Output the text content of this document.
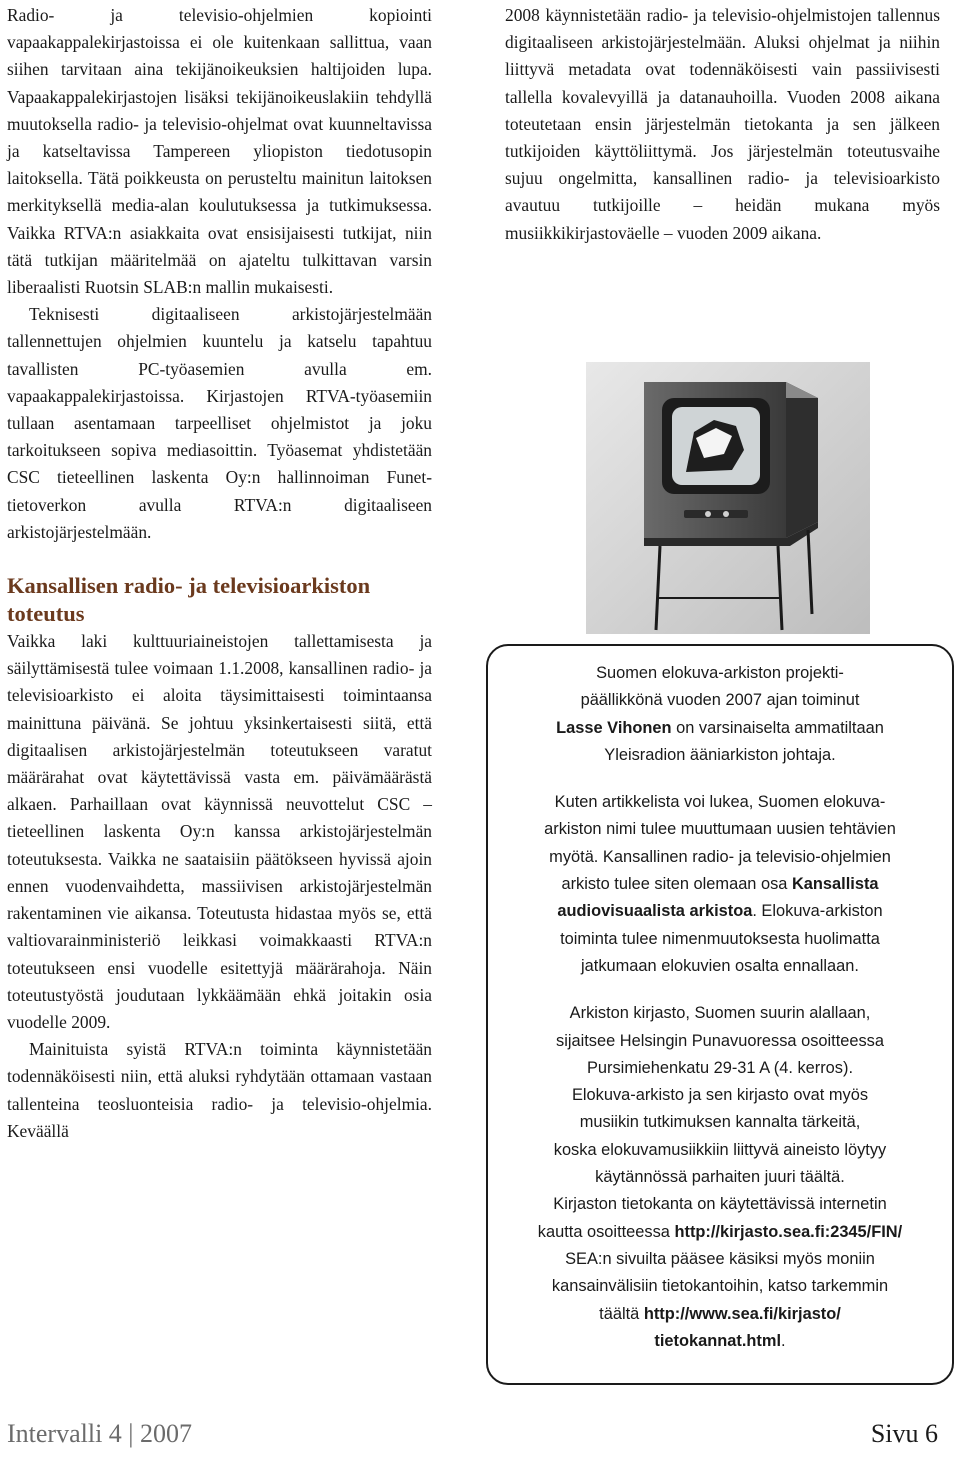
Radio- ja televisio-ohjelmien kopiointi vapaakappalekirjastoissa ei ole kuitenkaan sallittua, vaan siihen tarvitaan aina tekijänoikeuksien haltijoiden lupa. Vapaakappalekirjastojen lisäksi tekijänoikeuslakiin tehdyllä muutoksella radio- ja televisio-ohjelmat ovat kuunneltavissa ja katseltavissa Tampereen yliopiston tiedotusopin laitoksella. Tätä poikkeusta on perusteltu mainitun laitoksen merkityksellä media-alan koulutuksessa ja tutkimuksessa. Vaikka RTVA:n asiakkaita ovat ensisijaisesti tutkijat, niin tätä tutkijan määritelmää on ajateltu tulkittavan varsin liberaalisti Ruotsin SLAB:n mallin mukaisesti.

Teknisesti digitaaliseen arkistojärjestelmään tallennettujen ohjelmien kuuntelu ja katselu tapahtuu tavallisten PC-työasemien avulla em. vapaakappalekirjastoissa. Kirjastojen RTVA-työasemiin tullaan asentamaan tarpeelliset ohjelmistot ja joku tarkoitukseen sopiva mediasoittin. Työasemat yhdistetään CSC tieteellinen laskenta Oy:n hallinnoiman Funet-tietoverkon avulla RTVA:n digitaaliseen arkistojärjestelmään.

Kansallisen radio- ja televisioarkiston toteutus

Vaikka laki kulttuuriaineistojen tallettamisesta ja säilyttämisestä tulee voimaan 1.1.2008, kansallinen radio- ja televisioarkisto ei aloita täysimittaisesti toimintaansa mainittuna päivänä. Se johtuu yksinkertaisesti siitä, että digitaalisen arkistojärjestelmän toteutukseen varatut määrärahat ovat käytettävissä vasta em. päivämäärästä alkaen. Parhaillaan ovat käynnissä neuvottelut CSC – tieteellinen laskenta Oy:n kanssa arkistojärjestelmän toteutuksesta. Vaikka ne saataisiin päätökseen hyvissä ajoin ennen vuodenvaihdetta, massiivisen arkistojärjestelmän rakentaminen vie aikansa. Toteutusta hidastaa myös se, että valtiovarainministeriö leikkasi voimakkaasti RTVA:n toteutukseen ensi vuodelle esitettyjä määrärahoja. Näin toteutustyöstä joudutaan lykkäämään ehkä joitakin osia vuodelle 2009.

Mainituista syistä RTVA:n toiminta käynnistetään todennäköisesti niin, että aluksi ryhdytään ottamaan vastaan tallenteina teosluonteisia radio- ja televisio-ohjelmia. Keväällä

2008 käynnistetään radio- ja televisio-ohjelmistojen tallennus digitaaliseen arkistojärjestelmään. Aluksi ohjelmat ja niihin liittyvä metadata ovat todennäköisesti vain passiivisesti tallella kovalevyillä ja datanauhoilla. Vuoden 2008 aikana toteutetaan ensin järjestelmän tietokanta ja sen jälkeen tutkijoiden käyttöliittymä. Jos järjestelmän toteutusvaihe sujuu ongelmitta, kansallinen radio- ja televisioarkisto avautuu tutkijoille – heidän mukana myös musiikkikirjastoväelle – vuoden 2009 aikana.

Suomen elokuva-arkiston projekti-
päällikkönä vuoden 2007 ajan toiminut
Lasse Vihonen on varsinaiselta ammatiltaan
Yleisradion ääniarkiston johtaja.

Kuten artikkelista voi lukea, Suomen elokuva-
arkiston nimi tulee muuttumaan uusien tehtävien
myötä. Kansallinen radio- ja televisio-ohjelmien
arkisto tulee siten olemaan osa Kansallista
audiovisuaalista arkistoa. Elokuva-arkiston
toiminta tulee nimenmuutoksesta huolimatta
jatkumaan elokuvien osalta ennallaan.

Arkiston kirjasto, Suomen suurin alallaan,
sijaitsee Helsingin Punavuoressa osoitteessa
Pursimiehenkatu 29-31 A (4. kerros).
Elokuva-arkisto ja sen kirjasto ovat myös
musiikin tutkimuksen kannalta tärkeitä,
koska elokuvamusiikkiin liittyvä aineisto löytyy
käytännössä parhaiten juuri täältä.
Kirjaston tietokanta on käytettävissä internetin
kautta osoitteessa http://kirjasto.sea.fi:2345/FIN/
SEA:n sivuilta pääsee käsiksi myös moniin
kansainvälisiin tietokantoihin, katso tarkemmin
täältä http://www.sea.fi/kirjasto/
tietokannat.html.

Intervalli 4 | 2007	Sivu 6
